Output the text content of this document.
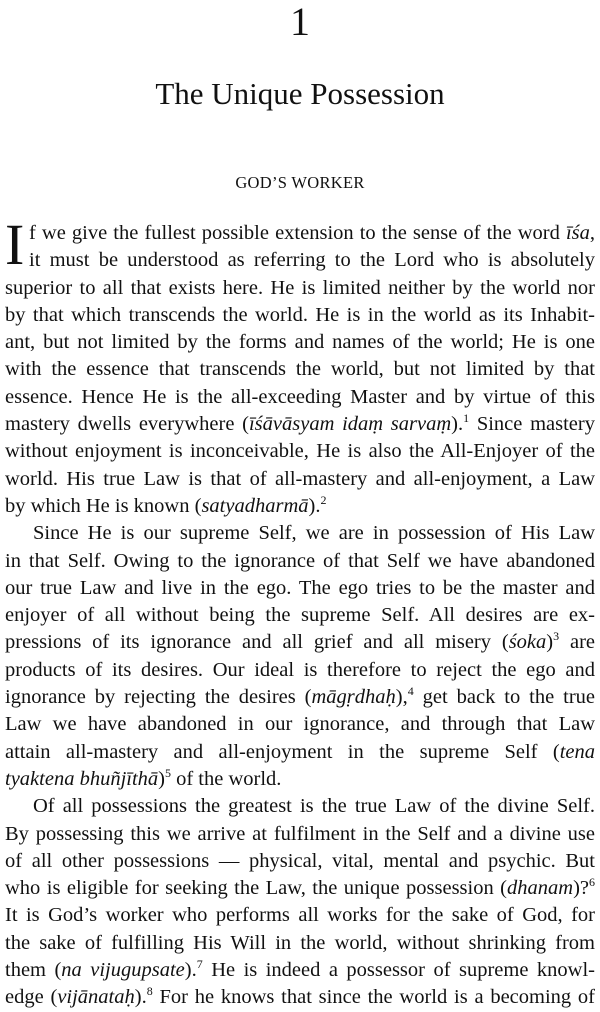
1
The Unique Possession
GOD’S WORKER
I f we give the fullest possible extension to the sense of the word īśa,
it must be understood as referring to the Lord who is absolutely
superior to all that exists here. He is limited neither by the world nor
by that which transcends the world. He is in the world as its Inhabit-
ant, but not limited by the forms and names of the world; He is one
with the essence that transcends the world, but not limited by that
essence. Hence He is the all-exceeding Master and by virtue of this
mastery dwells everywhere (īśāvāsyam idaṃ sarvaṃ).$^1$ Since mastery
without enjoyment is inconceivable, He is also the All-Enjoyer of the
world. His true Law is that of all-mastery and all-enjoyment, a Law
by which He is known (satyadharmā).$^2$
Since He is our supreme Self, we are in possession of His Law
in that Self. Owing to the ignorance of that Self we have abandoned
our true Law and live in the ego. The ego tries to be the master and
enjoyer of all without being the supreme Self. All desires are ex-
pressions of its ignorance and all grief and all misery (śoka)$^3$ are
products of its desires. Our ideal is therefore to reject the ego and
ignorance by rejecting the desires (māgṛdhaḥ),$^4$ get back to the true
Law we have abandoned in our ignorance, and through that Law
attain all-mastery and all-enjoyment in the supreme Self (tena
tyaktena bhuñjīthā)$^5$ of the world.
Of all possessions the greatest is the true Law of the divine Self.
By possessing this we arrive at fulfilment in the Self and a divine use
of all other possessions — physical, vital, mental and psychic. But
who is eligible for seeking the Law, the unique possession (dhanam)?$^6$
It is God’s worker who performs all works for the sake of God, for
the sake of fulfilling His Will in the world, without shrinking from
them (na vijugupsate).$^7$ He is indeed a possessor of supreme knowl-
edge (vijānataḥ).$^8$ For he knows that since the world is a becoming of
